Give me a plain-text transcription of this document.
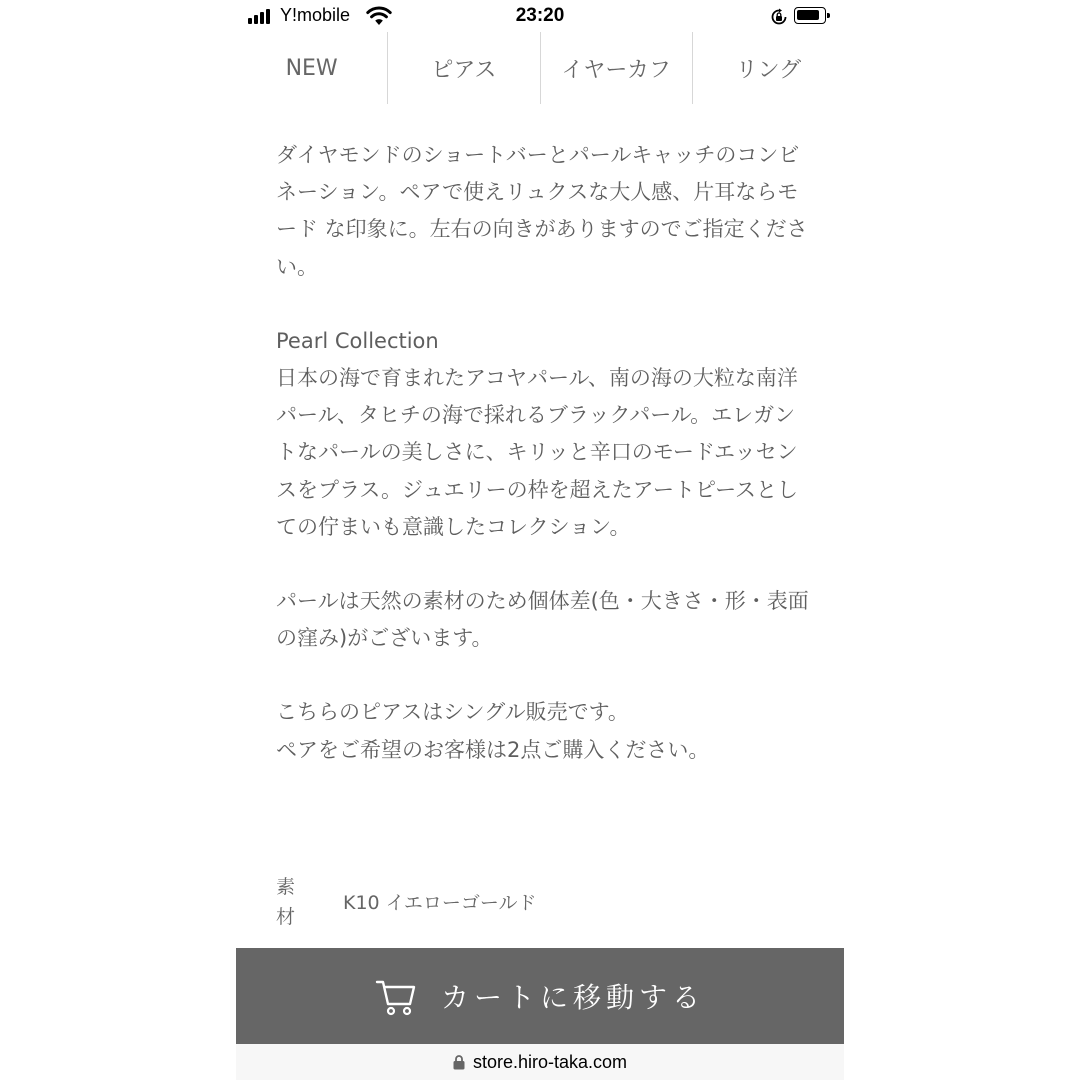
Y!mobile	23:20
NEW	ピアス	イヤーカフ	リング

ダイヤモンドのショートバーとパールキャッチのコンビネーション。ペアで使えリュクスな大人感、片耳ならモード な印象に。左右の向きがありますのでご指定ください。

Pearl Collection

日本の海で育まれたアコヤパール、南の海の大粒な南洋パール、タヒチの海で採れるブラックパール。エレガントなパールの美しさに、キリッと辛口のモードエッセンスをプラス。ジュエリーの枠を超えたアートピースとしての佇まいも意識したコレクション。

パールは天然の素材のため個体差(色・大きさ・形・表面の窪み)がございます。

こちらのピアスはシングル販売です。

ペアをご希望のお客様は2点ご購入ください。

素材
K10 イエローゴールド
カートに移動する
store.hiro-taka.com
